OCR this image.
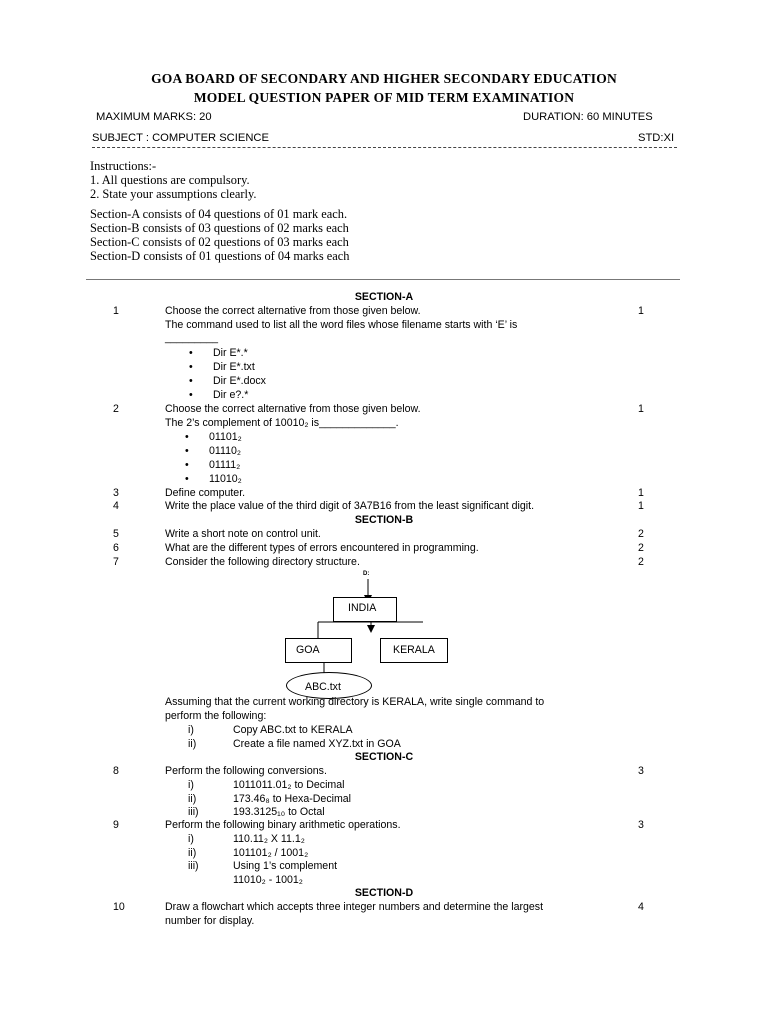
GOA BOARD OF SECONDARY AND HIGHER SECONDARY EDUCATION
MODEL QUESTION PAPER OF MID TERM EXAMINATION
MAXIMUM MARKS: 20	DURATION: 60 MINUTES
SUBJECT : COMPUTER SCIENCE	STD:XI
Instructions:-
1. All questions are compulsory.
2. State your assumptions clearly.
Section-A consists of 04 questions of 01 mark each.
Section-B consists of 03 questions of 02 marks each
Section-C consists of 02 questions of 03 marks each
Section-D consists of 01 questions of 04 marks each
SECTION-A
1	Choose the correct alternative from those given below.	1
The command used to list all the word files whose filename starts with ‘E’ is
_________
• Dir E*.*
• Dir E*.txt
• Dir E*.docx
• Dir e?.*
2	Choose the correct alternative from those given below.	1
The 2’s complement of 10010₂ is_____________.
• 01101₂
• 01110₂
• 01111₂
• 11010₂
3	Define computer.	1
4	Write the place value of the third digit of 3A7B16 from the least significant digit.	1
SECTION-B
5	Write a short note on control unit.	2
6	What are the different types of errors encountered in programming.	2
7	Consider the following directory structure.	2
D:
INDIA
GOA	KERALA
ABC.txt
Assuming that the current working directory is KERALA, write single command to
perform the following:
i)	Copy ABC.txt to KERALA
ii)	Create a file named XYZ.txt in GOA
SECTION-C
8	Perform the following conversions.	3
i)	1011011.01₂ to Decimal
ii)	173.46₈ to Hexa-Decimal
iii)	193.3125₁₀ to Octal
9	Perform the following binary arithmetic operations.	3
i)	110.11₂ X 11.1₂
ii)	101101₂ / 1001₂
iii)	Using 1’s complement
11010₂ - 1001₂
SECTION-D
10	Draw a flowchart which accepts three integer numbers and determine the largest	4
number for display.
